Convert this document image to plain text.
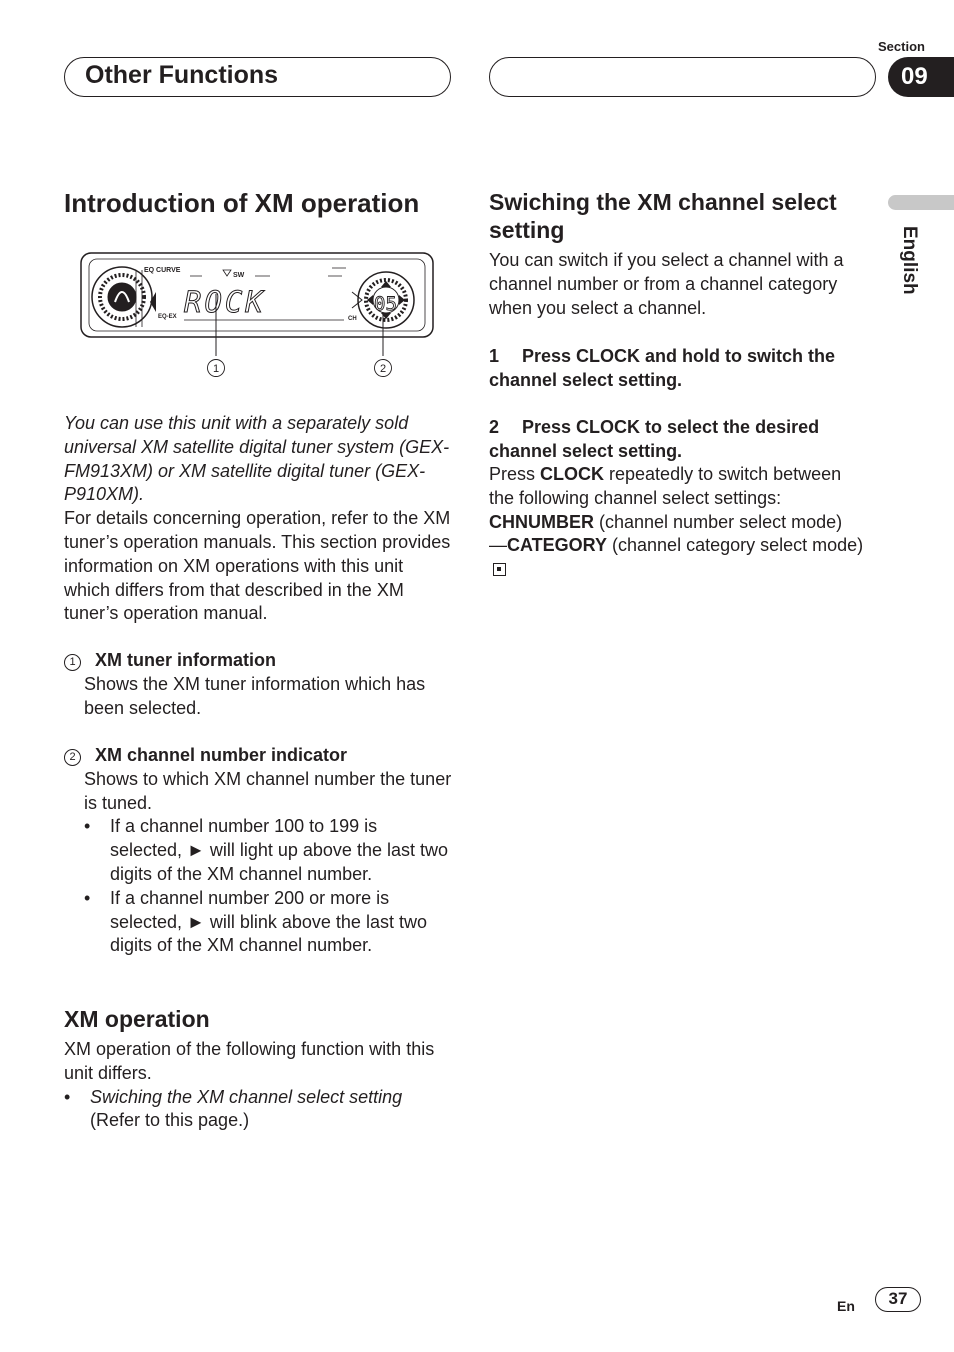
Other Functions
Section
09
English
Introduction of XM operation
EQ CURVE
SW
EQ-EX	CH
ROCK	05
1	2

You can use this unit with a separately sold universal XM satellite digital tuner system (GEX-FM913XM) or XM satellite digital tuner (GEX-P910XM).

For details concerning operation, refer to the XM tuner’s operation manuals. This section provides information on XM operations with this unit which differs from that described in the XM tuner’s operation manual.

1 XM tuner information

Shows the XM tuner information which has been selected.

2 XM channel number indicator

Shows to which XM channel number the tuner is tuned.

•	If a channel number 100 to 199 is selected, ► will light up above the last two digits of the XM channel number.
•	If a channel number 200 or more is selected, ► will blink above the last two digits of the XM channel number.
XM operation

XM operation of the following function with this unit differs.

•	Swiching the XM channel select setting
(Refer to this page.)
Swiching the XM channel select setting
You can switch if you select a channel with a channel number or from a channel category when you select a channel.
1 Press CLOCK and hold to switch the channel select setting.
2 Press CLOCK to select the desired channel select setting.
Press CLOCK repeatedly to switch between the following channel select settings:
CHNUMBER (channel number select mode)
—CATEGORY (channel category select mode)
En	37
